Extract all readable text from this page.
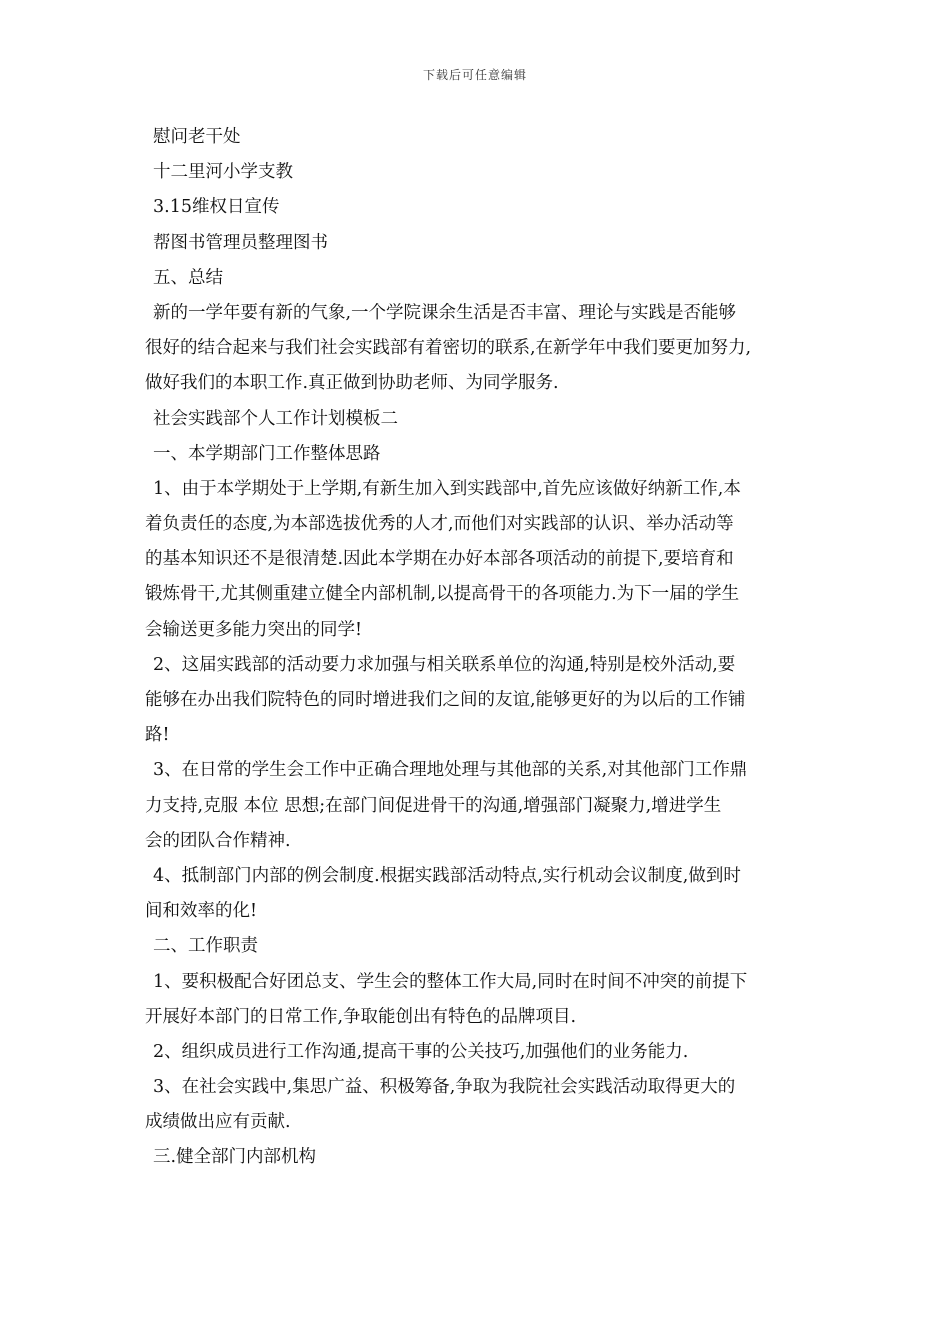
下载后可任意编辑
慰问老干处
十二里河小学支教
3.15维权日宣传
帮图书管理员整理图书
五、总结
新的一学年要有新的气象,一个学院课余生活是否丰富、理论与实践是否能够
很好的结合起来与我们社会实践部有着密切的联系,在新学年中我们要更加努力,
做好我们的本职工作.真正做到协助老师、为同学服务.
社会实践部个人工作计划模板二
一、本学期部门工作整体思路
1、由于本学期处于上学期,有新生加入到实践部中,首先应该做好纳新工作,本
着负责任的态度,为本部选拔优秀的人才,而他们对实践部的认识、举办活动等
的基本知识还不是很清楚.因此本学期在办好本部各项活动的前提下,要培育和
锻炼骨干,尤其侧重建立健全内部机制,以提高骨干的各项能力.为下一届的学生
会输送更多能力突出的同学!
2、这届实践部的活动要力求加强与相关联系单位的沟通,特别是校外活动,要
能够在办出我们院特色的同时增进我们之间的友谊,能够更好的为以后的工作铺
路!
3、在日常的学生会工作中正确合理地处理与其他部的关系,对其他部门工作鼎
力支持,克服 本位 思想;在部门间促进骨干的沟通,增强部门凝聚力,增进学生
会的团队合作精神.
4、抵制部门内部的例会制度.根据实践部活动特点,实行机动会议制度,做到时
间和效率的化!
二、工作职责
1、要积极配合好团总支、学生会的整体工作大局,同时在时间不冲突的前提下
开展好本部门的日常工作,争取能创出有特色的品牌项目.
2、组织成员进行工作沟通,提高干事的公关技巧,加强他们的业务能力.
3、在社会实践中,集思广益、积极筹备,争取为我院社会实践活动取得更大的
成绩做出应有贡献.
三.健全部门内部机构
